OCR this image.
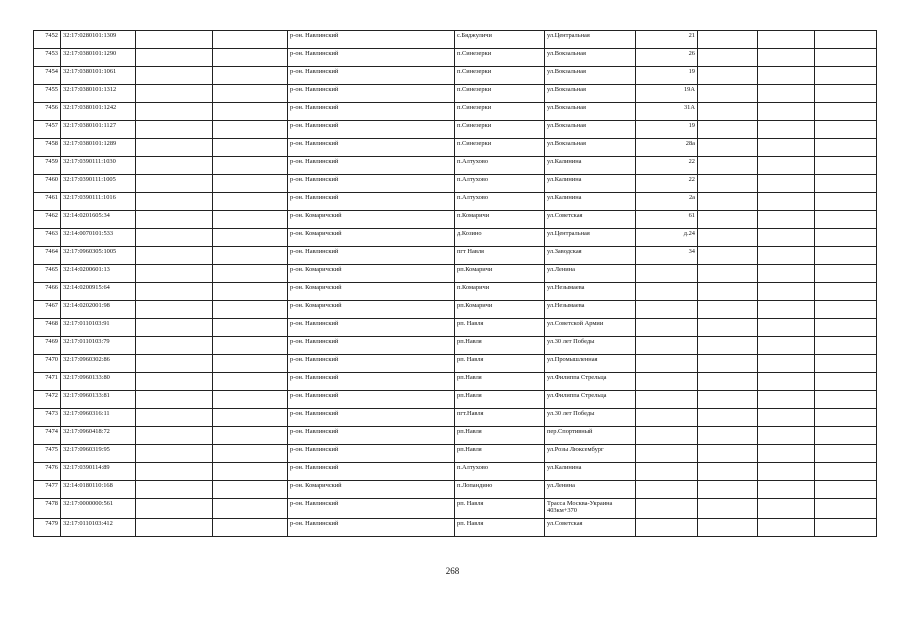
7452	32:17:0280101:1309			р-он. Навлинский	с.Бяджуличи	ул.Центральная	21			
7453	32:17:0380101:1290			р-он. Навлинский	п.Синезерки	ул.Вокзальная	26			
7454	32:17:0380101:1061			р-он. Навлинский	п.Синезерки	ул.Вокзальная	19			
7455	32:17:0380101:1312			р-он. Навлинский	п.Синезерки	ул.Вокзальная	19А			
7456	32:17:0380101:1242			р-он. Навлинский	п.Синезерки	ул.Вокзальная	31А			
7457	32:17:0380101:1127			р-он. Навлинский	п.Синезерки	ул.Вокзальная	19			
7458	32:17:0380101:1289			р-он. Навлинский	п.Синезерки	ул.Вокзальная	28а			
7459	32:17:0390111:1030			р-он. Навлинский	п.Алтухово	ул.Калинина	22			
7460	32:17:0390111:1005			р-он. Навлинский	п.Алтухово	ул.Калинина	22			
7461	32:17:0390111:1016			р-он. Навлинский	п.Алтухово	ул.Калинина	2а			
7462	32:14:0201605:34			р-он. Комаричский	п.Комаричи	ул.Советская	61			
7463	32:14:0070101:533			р-он. Комаричский	д.Козино	ул.Центральная	д.24			
7464	32:17:0960305:1005			р-он. Навлинский	пгт Навля	ул.Заводская	34			
7465	32:14:0200601:13			р-он. Комаричский	рп.Комаричи	ул.Ленина				
7466	32:14:0200915:64			р-он. Комаричский	п.Комаричи	ул.Незымаева				
7467	32:14:0202001:98			р-он. Комаричский	рп.Комаричи	ул.Незымаева				
7468	32:17:0110103:91			р-он. Навлинский	рп. Навля	ул.Советской Армии				
7469	32:17:0110103:79			р-он. Навлинский	рп.Навля	ул.30 лет Победы				
7470	32:17:0960302:86			р-он. Навлинский	рп. Навля	ул.Промышленная				
7471	32:17:0960133:80			р-он. Навлинский	рп.Навля	ул.Филиппа Стрельца				
7472	32:17:0960133:81			р-он. Навлинский	рп.Навля	ул.Филиппа Стрельца				
7473	32:17:0960316:11			р-он. Навлинский	пгт.Навля	ул.30 лет Победы				
7474	32:17:0960418:72			р-он. Навлинский	рп.Навля	пер.Спортивный				
7475	32:17:0960319:95			р-он. Навлинский	рп.Навля	ул.Розы Люксембург				
7476	32:17:0390114:89			р-он. Навлинский	п.Алтухово	ул.Калинина				
7477	32:14:0180110:168			р-он. Комаричский	п.Лопандино	ул.Ленина				
7478	32:17:0000000:561			р-он. Навлинский	рп. Навля	Трасса Москва-Украина 403км+370				
7479	32:17:0110103:412			р-он. Навлинский	рп. Навля	ул.Советская				
268
